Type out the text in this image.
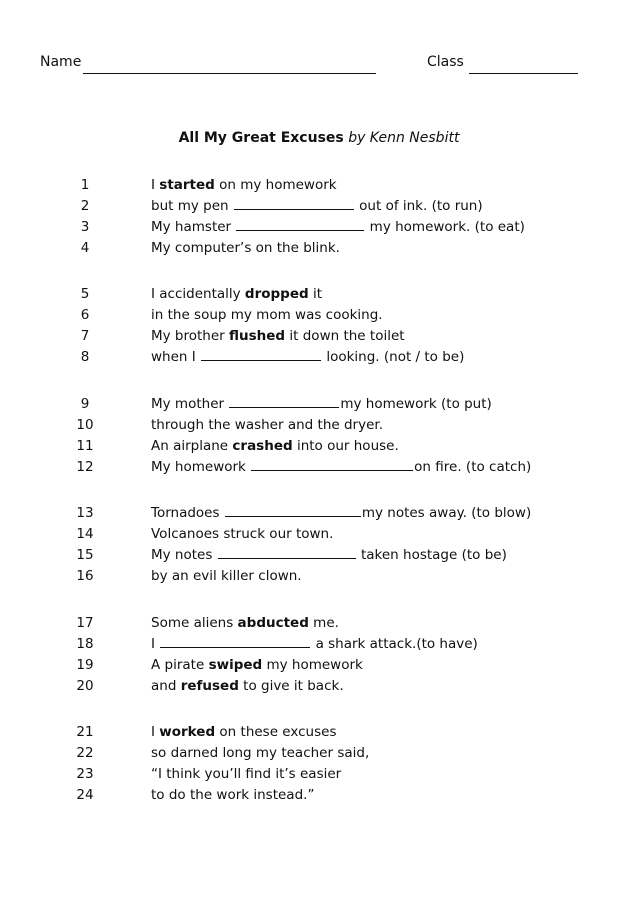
Name	Class
All My Great Excuses by Kenn Nesbitt
1	I started on my homework
2	but my pen	out of ink. (to run)
3	My hamster	my homework. (to eat)
4	My computer’s on the blink.
5	I accidentally dropped it
6	in the soup my mom was cooking.
7	My brother flushed it down the toilet
8	when I	looking. (not / to be)
9	My mother	my homework (to put)
10	through the washer and the dryer.
11	An airplane crashed into our house.
12	My homework	on fire. (to catch)
13	Tornadoes	my notes away. (to blow)
14	Volcanoes struck our town.
15	My notes	taken hostage (to be)
16	by an evil killer clown.
17	Some aliens abducted me.
18	I	a shark attack.(to have)
19	A pirate swiped my homework
20	and refused to give it back.
21	I worked on these excuses
22	so darned long my teacher said,
23	“I think you’ll find it’s easier
24	to do the work instead.”
